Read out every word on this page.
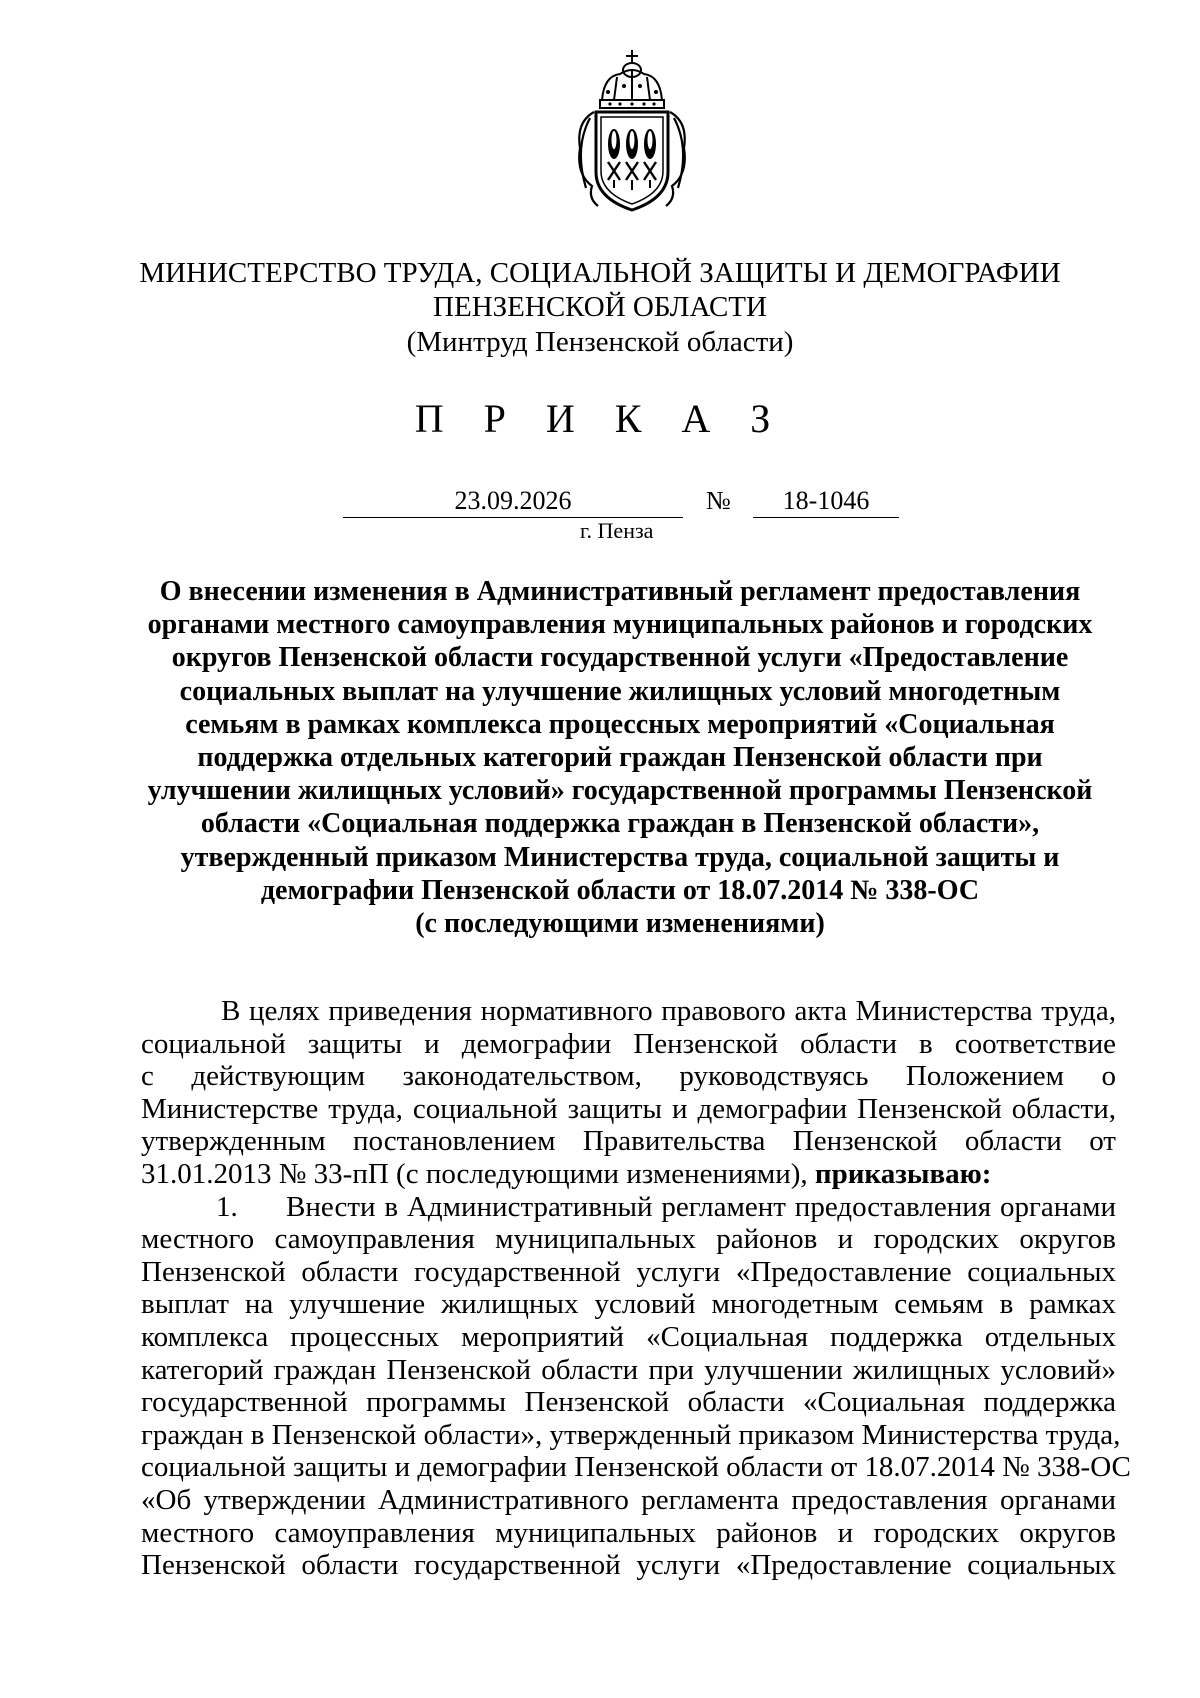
МИНИСТЕРСТВО ТРУДА, СОЦИАЛЬНОЙ ЗАЩИТЫ И ДЕМОГРАФИИ
ПЕНЗЕНСКОЙ ОБЛАСТИ
(Минтруд Пензенской области)
П Р И К А З
23.09.2026	№	18-1046
г. Пенза
О внесении изменения в Административный регламент предоставления
органами местного самоуправления муниципальных районов и городских
округов Пензенской области государственной услуги «Предоставление
социальных выплат на улучшение жилищных условий многодетным
семьям в рамках комплекса процессных мероприятий «Социальная
поддержка отдельных категорий граждан Пензенской области при
улучшении жилищных условий» государственной программы Пензенской
области «Социальная поддержка граждан в Пензенской области»,
утвержденный приказом Министерства труда, социальной защиты и
демографии Пензенской области от 18.07.2014 № 338-ОС
(с последующими изменениями)
В целях приведения нормативного правового акта Министерства труда,
социальной защиты и демографии Пензенской области в соответствие
с действующим законодательством, руководствуясь Положением о
Министерстве труда, социальной защиты и демографии Пензенской области,
утвержденным постановлением Правительства Пензенской области от
31.01.2013 № 33-пП (с последующими изменениями), приказываю:
1. Внести в Административный регламент предоставления органами
местного самоуправления муниципальных районов и городских округов
Пензенской области государственной услуги «Предоставление социальных
выплат на улучшение жилищных условий многодетным семьям в рамках
комплекса процессных мероприятий «Социальная поддержка отдельных
категорий граждан Пензенской области при улучшении жилищных условий»
государственной программы Пензенской области «Социальная поддержка
граждан в Пензенской области», утвержденный приказом Министерства труда,
социальной защиты и демографии Пензенской области от 18.07.2014 № 338-ОС
«Об утверждении Административного регламента предоставления органами
местного самоуправления муниципальных районов и городских округов
Пензенской области государственной услуги «Предоставление социальных
